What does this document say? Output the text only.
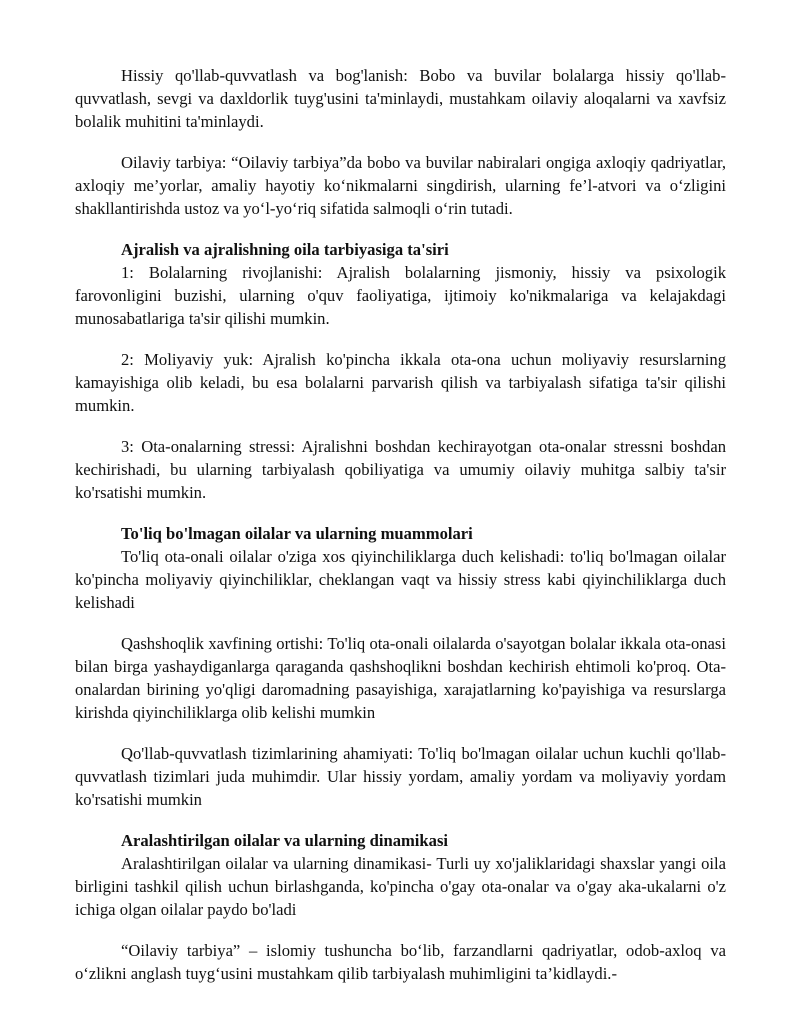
Hissiy qo'llab-quvvatlash va bog'lanish: Bobo va buvilar bolalarga hissiy qo'llab-quvvatlash, sevgi va daxldorlik tuyg'usini ta'minlaydi, mustahkam oilaviy aloqalarni va xavfsiz bolalik muhitini ta'minlaydi.

Oilaviy tarbiya: “Oilaviy tarbiya”da bobo va buvilar nabiralari ongiga axloqiy qadriyatlar, axloqiy me’yorlar, amaliy hayotiy ko‘nikmalarni singdirish, ularning fe’l-atvori va o‘zligini shakllantirishda ustoz va yo‘l-yo‘riq sifatida salmoqli o‘rin tutadi.

Ajralish va ajralishning oila tarbiyasiga ta'siri

1: Bolalarning rivojlanishi: Ajralish bolalarning jismoniy, hissiy va psixologik farovonligini buzishi, ularning o'quv faoliyatiga, ijtimoiy ko'nikmalariga va kelajakdagi munosabatlariga ta'sir qilishi mumkin.

2: Moliyaviy yuk: Ajralish ko'pincha ikkala ota-ona uchun moliyaviy resurslarning kamayishiga olib keladi, bu esa bolalarni parvarish qilish va tarbiyalash sifatiga ta'sir qilishi mumkin.

3: Ota-onalarning stressi: Ajralishni boshdan kechirayotgan ota-onalar stressni boshdan kechirishadi, bu ularning tarbiyalash qobiliyatiga va umumiy oilaviy muhitga salbiy ta'sir ko'rsatishi mumkin.

To'liq bo'lmagan oilalar va ularning muammolari

To'liq ota-onali oilalar o'ziga xos qiyinchiliklarga duch kelishadi: to'liq bo'lmagan oilalar ko'pincha moliyaviy qiyinchiliklar, cheklangan vaqt va hissiy stress kabi qiyinchiliklarga duch kelishadi

Qashshoqlik xavfining ortishi: To'liq ota-onali oilalarda o'sayotgan bolalar ikkala ota-onasi bilan birga yashaydiganlarga qaraganda qashshoqlikni boshdan kechirish ehtimoli ko'proq. Ota-onalardan birining yo'qligi daromadning pasayishiga, xarajatlarning ko'payishiga va resurslarga kirishda qiyinchiliklarga olib kelishi mumkin

Qo'llab-quvvatlash tizimlarining ahamiyati: To'liq bo'lmagan oilalar uchun kuchli qo'llab-quvvatlash tizimlari juda muhimdir. Ular hissiy yordam, amaliy yordam va moliyaviy yordam ko'rsatishi mumkin

Aralashtirilgan oilalar va ularning dinamikasi

Aralashtirilgan oilalar va ularning dinamikasi- Turli uy xo'jaliklaridagi shaxslar yangi oila birligini tashkil qilish uchun birlashganda, ko'pincha o'gay ota-onalar va o'gay aka-ukalarni o'z ichiga olgan oilalar paydo bo'ladi

“Oilaviy tarbiya” – islomiy tushuncha bo‘lib, farzandlarni qadriyatlar, odob-axloq va o‘zlikni anglash tuyg‘usini mustahkam qilib tarbiyalash muhimligini ta’kidlaydi.-
